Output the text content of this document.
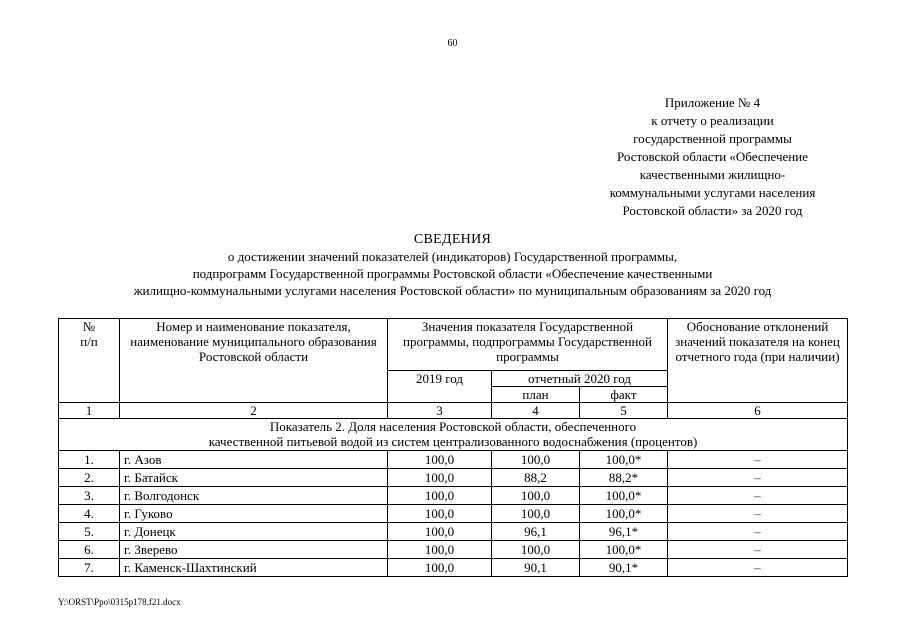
60
Приложение № 4
к отчету о реализации
государственной программы
Ростовской области «Обеспечение
качественными жилищно-
коммунальными услугами населения
Ростовской области» за 2020 год
СВЕДЕНИЯ
о достижении значений показателей (индикаторов) Государственной программы,
подпрограмм Государственной программы Ростовской области «Обеспечение качественными
жилищно-коммунальными услугами населения Ростовской области» по муниципальным образованиям за 2020 год
№
п/п	Номер и наименование показателя, наименование муниципального образования Ростовской области	Значения показателя Государственной программы, подпрограммы Государственной программы			Обоснование отклонений значений показателя на конец отчетного года (при наличии)
		2019 год	отчетный 2020 год		
			план	факт	
1	2	3	4	5	6

Показатель 2. Доля населения Ростовской области, обеспеченного
качественной питьевой водой из систем централизованного водоснабжения (процентов)					

1.	г. Азов	100,0	100,0	100,0*	–
2.	г. Батайск	100,0	88,2	88,2*	–
3.	г. Волгодонск	100,0	100,0	100,0*	–
4.	г. Гуково	100,0	100,0	100,0*	–
5.	г. Донецк	100,0	96,1	96,1*	–
6.	г. Зверево	100,0	100,0	100,0*	–
7.	г. Каменск-Шахтинский	100,0	90,1	90,1*	–
Y:\ORST\Ppo\0315p178.f21.docx
